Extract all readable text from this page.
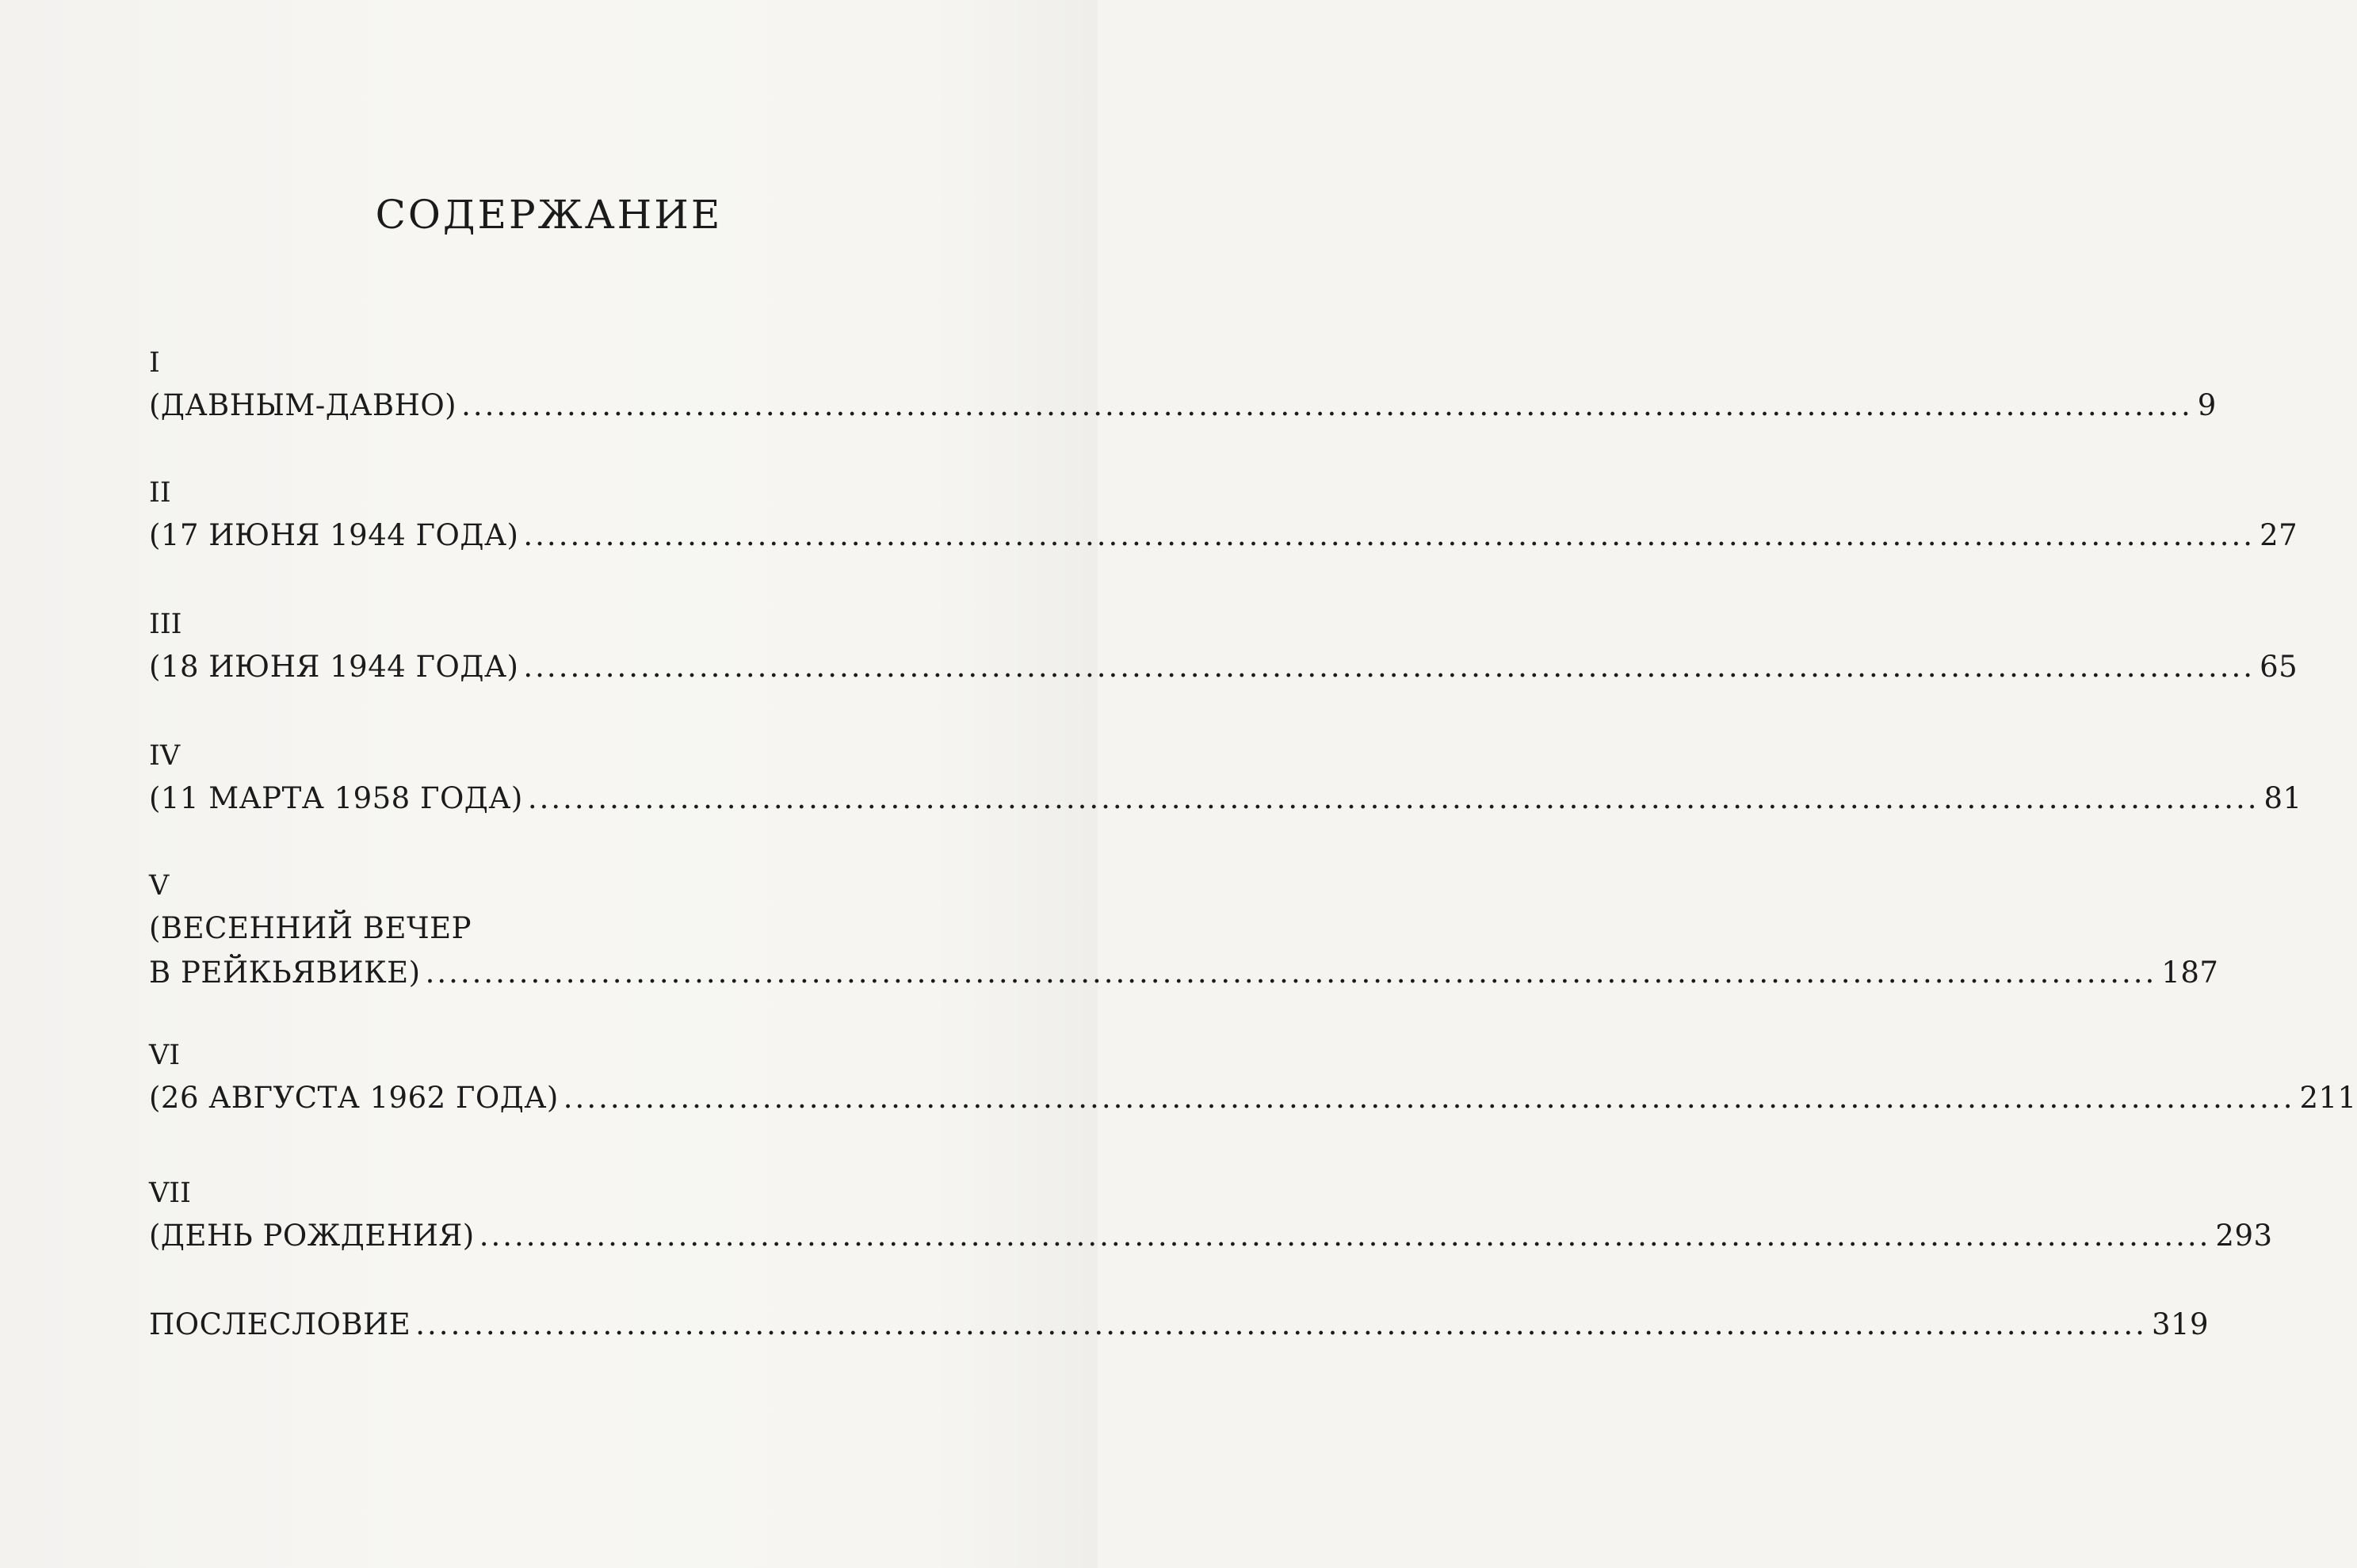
СОДЕРЖАНИЕ
I
(ДАВНЫМ-ДАВНО) .................................................................................................................................................... 9
II
(17 ИЮНЯ 1944 ГОДА) .................................................................................................................................................... 27
III
(18 ИЮНЯ 1944 ГОДА) .................................................................................................................................................... 65
IV
(11 МАРТА 1958 ГОДА) .................................................................................................................................................... 81
V
(ВЕСЕННИЙ ВЕЧЕР
В РЕЙКЬЯВИКЕ) .................................................................................................................................................... 187
VI
(26 АВГУСТА 1962 ГОДА) .................................................................................................................................................... 211
VII
(ДЕНЬ РОЖДЕНИЯ) .................................................................................................................................................... 293
ПОСЛЕСЛОВИЕ .................................................................................................................................................... 319
